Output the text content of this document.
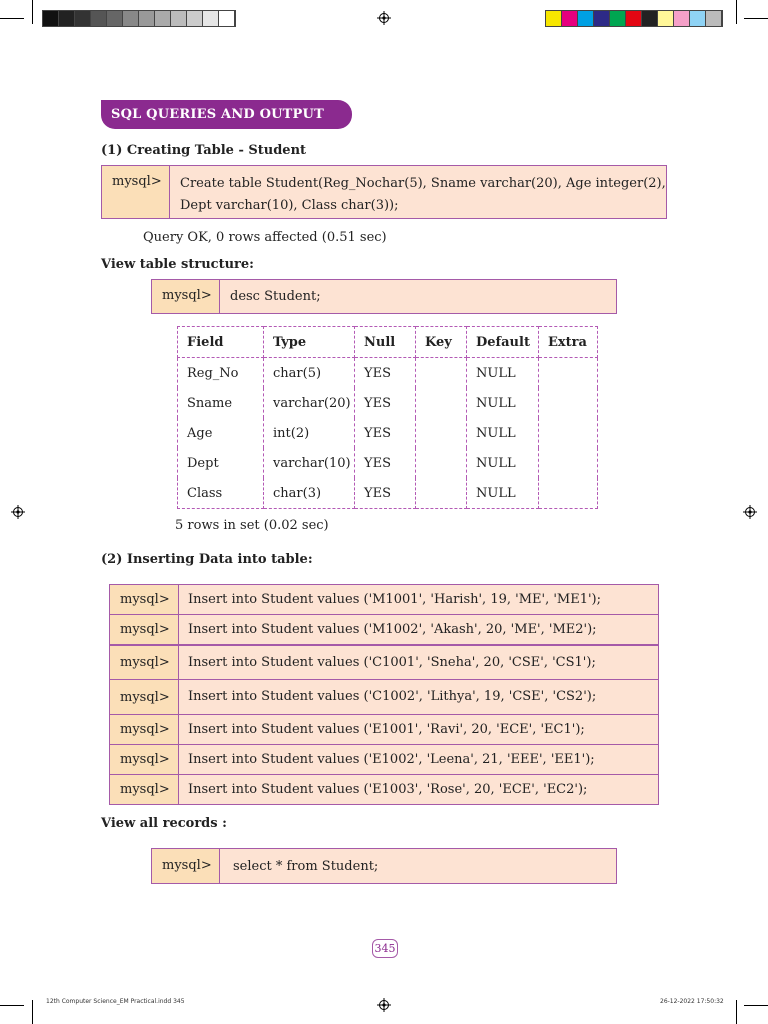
SQL QUERIES AND OUTPUT
(1) Creating Table - Student
mysql>	Create table Student(Reg_Nochar(5), Sname varchar(20), Age integer(2),
Dept varchar(10), Class char(3));
Query OK, 0 rows affected (0.51 sec)
View table structure:
mysql>	desc Student;
Field	Type	Null	Key	Default	Extra
Reg_No	char(5)	YES		NULL	
Sname	varchar(20)	YES		NULL	
Age	int(2)	YES		NULL	
Dept	varchar(10)	YES		NULL	
Class	char(3)	YES		NULL	
5 rows in set (0.02 sec)
(2) Inserting Data into table:
mysql>	Insert into Student values ('M1001', 'Harish', 19, 'ME', 'ME1');
mysql>	Insert into Student values ('M1002', 'Akash', 20, 'ME', 'ME2');
mysql>	Insert into Student values ('C1001', 'Sneha', 20, 'CSE', 'CS1');
mysql>	Insert into Student values ('C1002', 'Lithya', 19, 'CSE', 'CS2');
mysql>	Insert into Student values ('E1001', 'Ravi', 20, 'ECE', 'EC1');
mysql>	Insert into Student values ('E1002', 'Leena', 21, 'EEE', 'EE1');
mysql>	Insert into Student values ('E1003', 'Rose', 20, 'ECE', 'EC2');
View all records :
mysql>	select * from Student;
345
12th Computer Science_EM Practical.indd 345	26-12-2022 17:50:32
